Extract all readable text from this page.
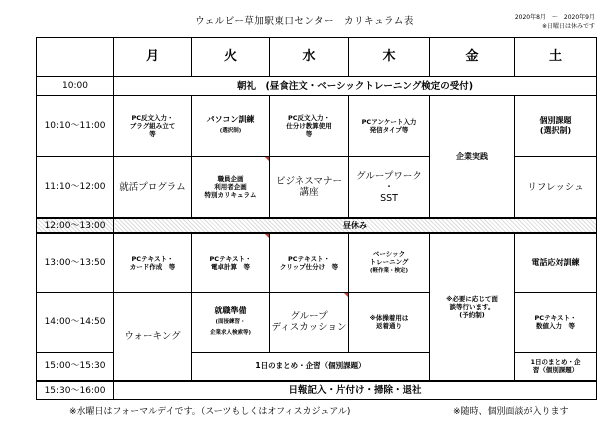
ウェルビー草加駅東口センター　カリキュラム表	2020年8月　～　2020年9月
※日曜日は休みです
	月	火	水	木	金	土
10:00	朝礼　(昼食注文・ベーシックトレーニング検定の受付)					
10:10～11:00	PC反文入力・
ブラグ組み立て
等	パソコン訓練
(選択制)	PC反文入力・
仕分け教算使用
等	PCアンケート入力
発信タイプ等	企業実践	個別課題
(選択制)
11:10～12:00	就活プログラム	職員企画
利用者企画
特別カリキュラム	ビジネスマナー
講座	グループワーク
・
SST		リフレッシュ
12:00～13:00	昼休み					
13:00～13:50	PCテキスト・
カード作成　等	PCテキスト・
電卓計算　等	PCテキスト・
クリップ仕分け　等	ベーシック
トレーニング
(軽作業・検定)	※必要に応じて面
談等行います。
(予約制)	電話応対訓練
14:00～14:50	ウォーキング	就職準備
(面接練習・
企業求人検索等)	グループ
ディスカッション	※体操着用は
返着通り		PCテキスト・
数値入力　等
15:00～15:30		1日のまとめ・企習（個別課題）				1日のまとめ・企
習（個別課題）
15:30～16:00	日報記入・片付け・掃除・退社					
※水曜日はフォーマルデイです。（スーツもしくはオフィスカジュアル)	※随時、個別面談が入ります
